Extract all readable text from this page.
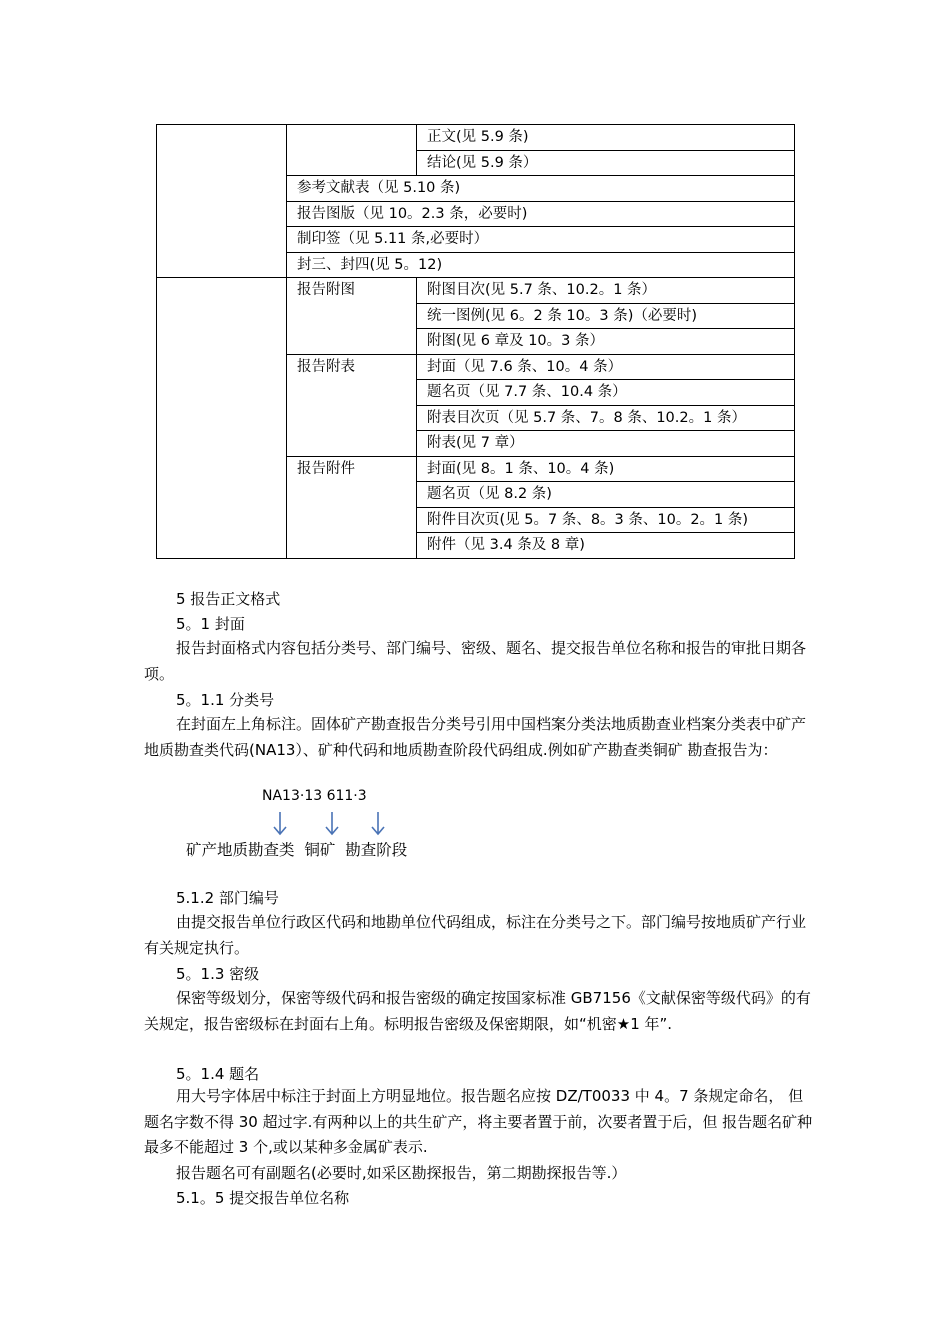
		正文(见 5.9 条)
		结论(见 5.9 条）
	参考文献表（见 5.10 条)	
	报告图版（见 10。2.3 条，必要时)	
	制印签（见 5.11 条,必要时）	
	封三、封四(见 5。12)	
	报告附图	附图目次(见 5.7 条、10.2。1 条）
		统一图例(见 6。2 条 10。3 条)（必要时)
		附图(见 6 章及 10。3 条）
	报告附表	封面（见 7.6 条、10。4 条）
		题名页（见 7.7 条、10.4 条）
		附表目次页（见 5.7 条、7。8 条、10.2。1 条）
		附表(见 7 章）
	报告附件	封面(见 8。1 条、10。4 条)
		题名页（见 8.2 条)
		附件目次页(见 5。7 条、8。3 条、10。2。1 条)
		附件（见 3.4 条及 8 章)
5 报告正文格式
5。1 封面
报告封面格式内容包括分类号、部门编号、密级、题名、提交报告单位名称和报告的审批日期各项。
5。1.1 分类号
在封面左上角标注。固体矿产勘查报告分类号引用中国档案分类法地质勘查业档案分类表中矿产地质勘查类代码(NA13）、矿种代码和地质勘查阶段代码组成.例如矿产勘查类铜矿 勘查报告为：
NA13·13 611·3
矿产地质勘查类  铜矿  勘查阶段
5.1.2 部门编号
由提交报告单位行政区代码和地勘单位代码组成，标注在分类号之下。部门编号按地质矿产行业有关规定执行。
5。1.3 密级
保密等级划分，保密等级代码和报告密级的确定按国家标准 GB7156《文献保密等级代码》的有关规定，报告密级标在封面右上角。标明报告密级及保密期限，如“机密★1 年”.
5。1.4 题名
用大号字体居中标注于封面上方明显地位。报告题名应按 DZ/T0033 中 4。7 条规定命名， 但题名字数不得 30 超过字.有两种以上的共生矿产，将主要者置于前，次要者置于后，但 报告题名矿种最多不能超过 3 个,或以某种多金属矿表示.
报告题名可有副题名(必要时,如采区勘探报告，第二期勘探报告等.）
5.1。5 提交报告单位名称
